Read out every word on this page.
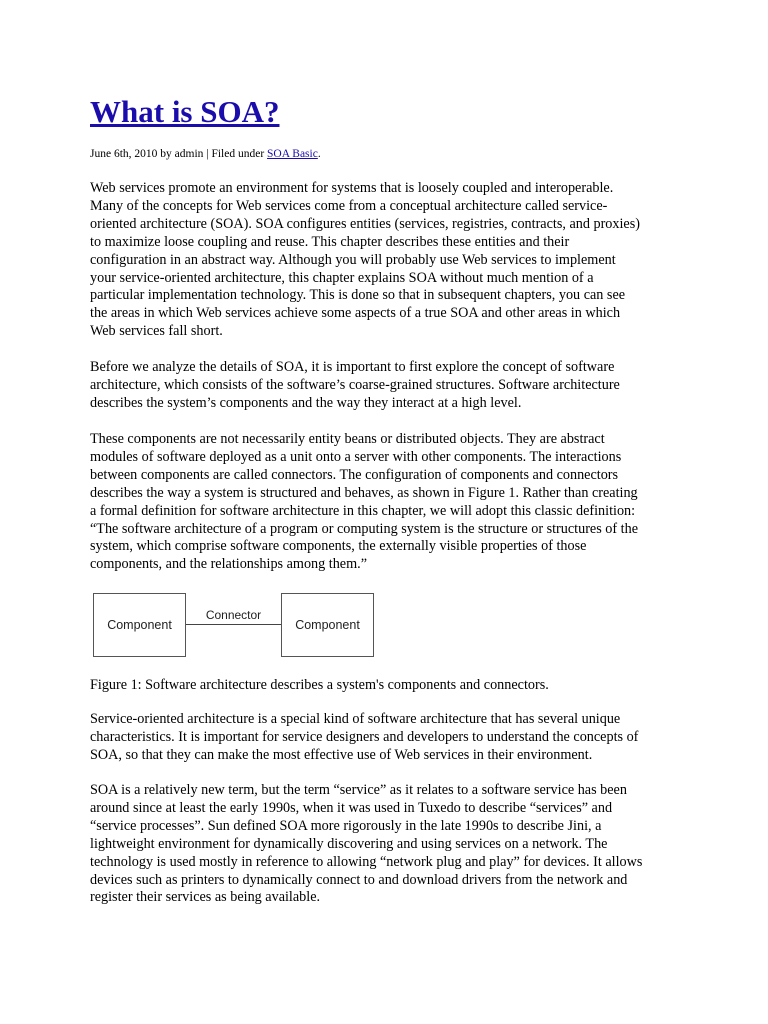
What is SOA?
June 6th, 2010 by admin | Filed under SOA Basic.
Web services promote an environment for systems that is loosely coupled and interoperable.
Many of the concepts for Web services come from a conceptual architecture called service-
oriented architecture (SOA). SOA configures entities (services, registries, contracts, and proxies)
to maximize loose coupling and reuse. This chapter describes these entities and their
configuration in an abstract way. Although you will probably use Web services to implement
your service-oriented architecture, this chapter explains SOA without much mention of a
particular implementation technology. This is done so that in subsequent chapters, you can see
the areas in which Web services achieve some aspects of a true SOA and other areas in which
Web services fall short.
Before we analyze the details of SOA, it is important to first explore the concept of software
architecture, which consists of the software’s coarse-grained structures. Software architecture
describes the system’s components and the way they interact at a high level.
These components are not necessarily entity beans or distributed objects. They are abstract
modules of software deployed as a unit onto a server with other components. The interactions
between components are called connectors. The configuration of components and connectors
describes the way a system is structured and behaves, as shown in Figure 1. Rather than creating
a formal definition for software architecture in this chapter, we will adopt this classic definition:
“The software architecture of a program or computing system is the structure or structures of the
system, which comprise software components, the externally visible properties of those
components, and the relationships among them.”
Component
Connector
Component

Figure 1: Software architecture describes a system's components and connectors.

Service-oriented architecture is a special kind of software architecture that has several unique
characteristics. It is important for service designers and developers to understand the concepts of
SOA, so that they can make the most effective use of Web services in their environment.
SOA is a relatively new term, but the term “service” as it relates to a software service has been
around since at least the early 1990s, when it was used in Tuxedo to describe “services” and
“service processes”. Sun defined SOA more rigorously in the late 1990s to describe Jini, a
lightweight environment for dynamically discovering and using services on a network. The
technology is used mostly in reference to allowing “network plug and play” for devices. It allows
devices such as printers to dynamically connect to and download drivers from the network and
register their services as being available.
